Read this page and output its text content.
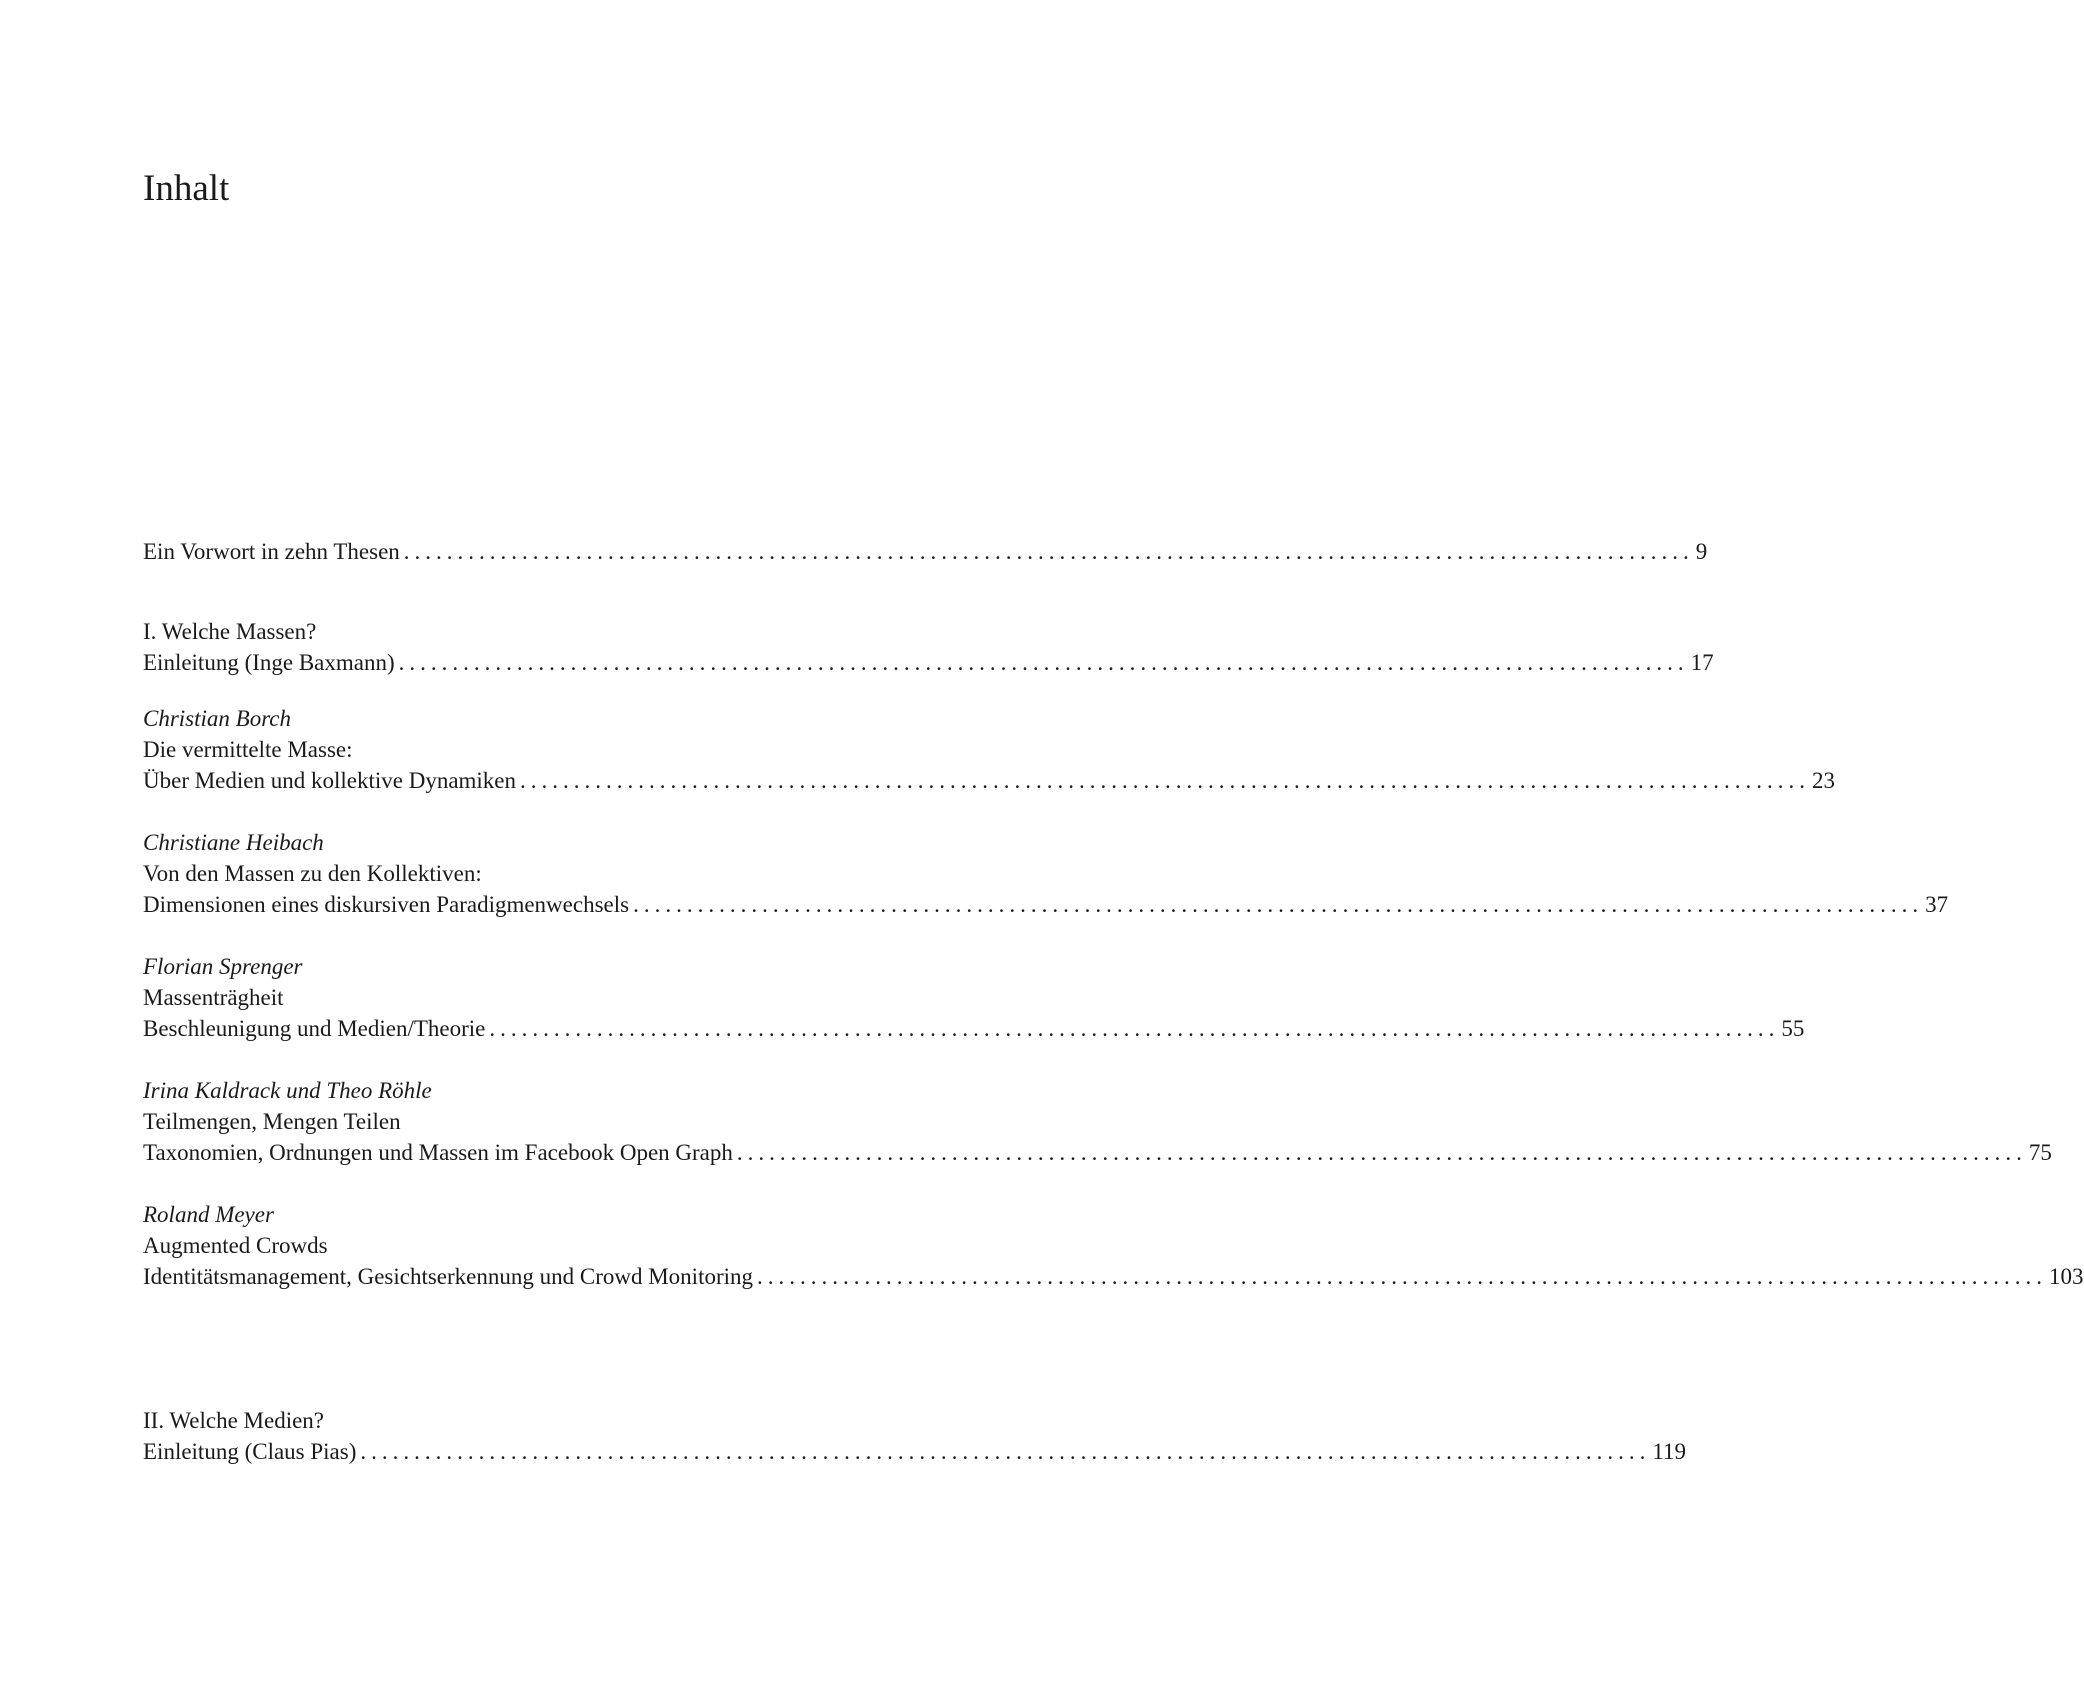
Inhalt
Ein Vorwort in zehn Thesen ........................................................................................................................ 9
I. Welche Massen?
Einleitung (Inge Baxmann) ........................................................................................................................ 17
Christian Borch
Die vermittelte Masse:
Über Medien und kollektive Dynamiken ........................................................................................................................ 23
Christiane Heibach
Von den Massen zu den Kollektiven:
Dimensionen eines diskursiven Paradigmenwechsels ........................................................................................................................ 37
Florian Sprenger
Massenträgheit
Beschleunigung und Medien/Theorie ........................................................................................................................ 55
Irina Kaldrack und Theo Röhle
Teilmengen, Mengen Teilen
Taxonomien, Ordnungen und Massen im Facebook Open Graph ........................................................................................................................ 75
Roland Meyer
Augmented Crowds
Identitätsmanagement, Gesichtserkennung und Crowd Monitoring ........................................................................................................................ 103
II. Welche Medien?
Einleitung (Claus Pias) ........................................................................................................................ 119
